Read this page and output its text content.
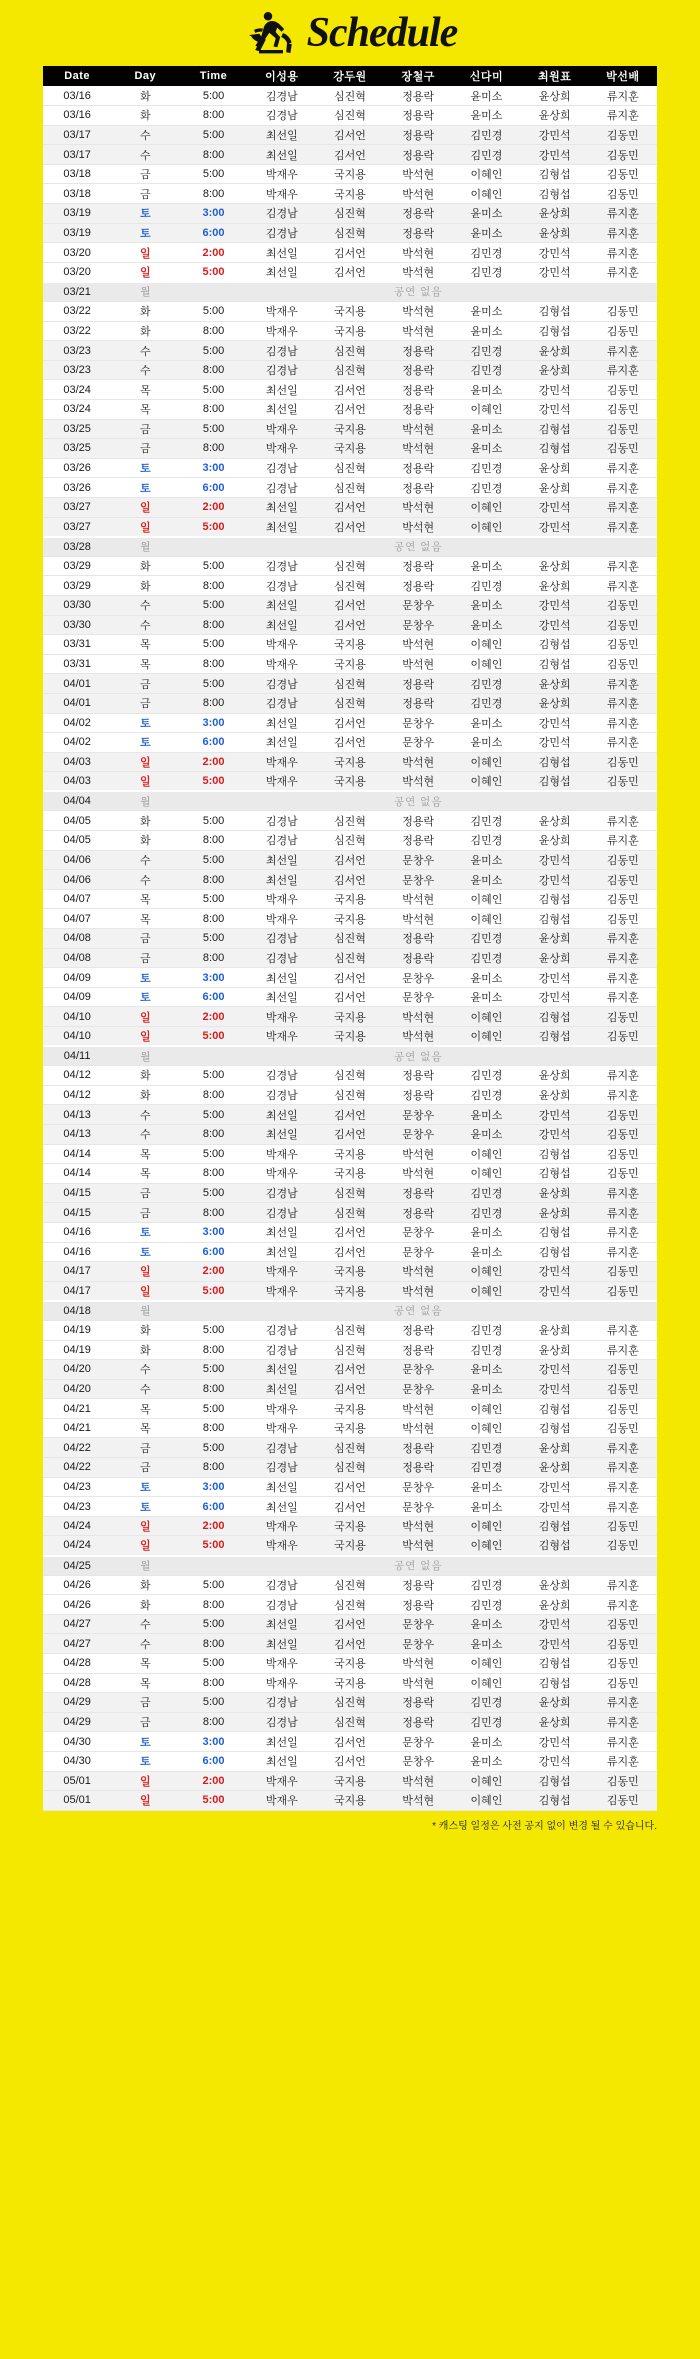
Schedule
Date	Day	Time	이성용	강두원	장철구	신다미	최원표	박선배
03/16	화	5:00	김경남	심진혁	정용락	윤미소	윤상희	류지훈
03/16	화	8:00	김경남	심진혁	정용락	윤미소	윤상희	류지훈
03/17	수	5:00	최선일	김서언	정용락	김민경	강민석	김동민
03/17	수	8:00	최선일	김서언	정용락	김민경	강민석	김동민
03/18	금	5:00	박재우	국지용	박석현	이혜인	김형섭	김동민
03/18	금	8:00	박재우	국지용	박석현	이혜인	김형섭	김동민
03/19	토	3:00	김경남	심진혁	정용락	윤미소	윤상희	류지훈
03/19	토	6:00	김경남	심진혁	정용락	윤미소	윤상희	류지훈
03/20	일	2:00	최선일	김서언	박석현	김민경	강민석	류지훈
03/20	일	5:00	최선일	김서언	박석현	김민경	강민석	류지훈
03/21	월	공연 없음						
03/22	화	5:00	박재우	국지용	박석현	윤미소	김형섭	김동민
03/22	화	8:00	박재우	국지용	박석현	윤미소	김형섭	김동민
03/23	수	5:00	김경남	심진혁	정용락	김민경	윤상희	류지훈
03/23	수	8:00	김경남	심진혁	정용락	김민경	윤상희	류지훈
03/24	목	5:00	최선일	김서언	정용락	윤미소	강민석	김동민
03/24	목	8:00	최선일	김서언	정용락	이혜인	강민석	김동민
03/25	금	5:00	박재우	국지용	박석현	윤미소	김형섭	김동민
03/25	금	8:00	박재우	국지용	박석현	윤미소	김형섭	김동민
03/26	토	3:00	김경남	심진혁	정용락	김민경	윤상희	류지훈
03/26	토	6:00	김경남	심진혁	정용락	김민경	윤상희	류지훈
03/27	일	2:00	최선일	김서언	박석현	이혜인	강민석	류지훈
03/27	일	5:00	최선일	김서언	박석현	이혜인	강민석	류지훈
03/28	월	공연 없음						
03/29	화	5:00	김경남	심진혁	정용락	윤미소	윤상희	류지훈
03/29	화	8:00	김경남	심진혁	정용락	김민경	윤상희	류지훈
03/30	수	5:00	최선일	김서언	문창우	윤미소	강민석	김동민
03/30	수	8:00	최선일	김서언	문창우	윤미소	강민석	김동민
03/31	목	5:00	박재우	국지용	박석현	이혜인	김형섭	김동민
03/31	목	8:00	박재우	국지용	박석현	이혜인	김형섭	김동민
04/01	금	5:00	김경남	심진혁	정용락	김민경	윤상희	류지훈
04/01	금	8:00	김경남	심진혁	정용락	김민경	윤상희	류지훈
04/02	토	3:00	최선일	김서언	문창우	윤미소	강민석	류지훈
04/02	토	6:00	최선일	김서언	문창우	윤미소	강민석	류지훈
04/03	일	2:00	박재우	국지용	박석현	이혜인	김형섭	김동민
04/03	일	5:00	박재우	국지용	박석현	이혜인	김형섭	김동민
04/04	월	공연 없음						
04/05	화	5:00	김경남	심진혁	정용락	김민경	윤상희	류지훈
04/05	화	8:00	김경남	심진혁	정용락	김민경	윤상희	류지훈
04/06	수	5:00	최선일	김서언	문창우	윤미소	강민석	김동민
04/06	수	8:00	최선일	김서언	문창우	윤미소	강민석	김동민
04/07	목	5:00	박재우	국지용	박석현	이혜인	김형섭	김동민
04/07	목	8:00	박재우	국지용	박석현	이혜인	김형섭	김동민
04/08	금	5:00	김경남	심진혁	정용락	김민경	윤상희	류지훈
04/08	금	8:00	김경남	심진혁	정용락	김민경	윤상희	류지훈
04/09	토	3:00	최선일	김서언	문창우	윤미소	강민석	류지훈
04/09	토	6:00	최선일	김서언	문창우	윤미소	강민석	류지훈
04/10	일	2:00	박재우	국지용	박석현	이혜인	김형섭	김동민
04/10	일	5:00	박재우	국지용	박석현	이혜인	김형섭	김동민
04/11	월	공연 없음						
04/12	화	5:00	김경남	심진혁	정용락	김민경	윤상희	류지훈
04/12	화	8:00	김경남	심진혁	정용락	김민경	윤상희	류지훈
04/13	수	5:00	최선일	김서언	문창우	윤미소	강민석	김동민
04/13	수	8:00	최선일	김서언	문창우	윤미소	강민석	김동민
04/14	목	5:00	박재우	국지용	박석현	이혜인	김형섭	김동민
04/14	목	8:00	박재우	국지용	박석현	이혜인	김형섭	김동민
04/15	금	5:00	김경남	심진혁	정용락	김민경	윤상희	류지훈
04/15	금	8:00	김경남	심진혁	정용락	김민경	윤상희	류지훈
04/16	토	3:00	최선일	김서언	문창우	윤미소	김형섭	류지훈
04/16	토	6:00	최선일	김서언	문창우	윤미소	김형섭	류지훈
04/17	일	2:00	박재우	국지용	박석현	이혜인	강민석	김동민
04/17	일	5:00	박재우	국지용	박석현	이혜인	강민석	김동민
04/18	월	공연 없음						
04/19	화	5:00	김경남	심진혁	정용락	김민경	윤상희	류지훈
04/19	화	8:00	김경남	심진혁	정용락	김민경	윤상희	류지훈
04/20	수	5:00	최선일	김서언	문창우	윤미소	강민석	김동민
04/20	수	8:00	최선일	김서언	문창우	윤미소	강민석	김동민
04/21	목	5:00	박재우	국지용	박석현	이혜인	김형섭	김동민
04/21	목	8:00	박재우	국지용	박석현	이혜인	김형섭	김동민
04/22	금	5:00	김경남	심진혁	정용락	김민경	윤상희	류지훈
04/22	금	8:00	김경남	심진혁	정용락	김민경	윤상희	류지훈
04/23	토	3:00	최선일	김서언	문창우	윤미소	강민석	류지훈
04/23	토	6:00	최선일	김서언	문창우	윤미소	강민석	류지훈
04/24	일	2:00	박재우	국지용	박석현	이혜인	김형섭	김동민
04/24	일	5:00	박재우	국지용	박석현	이혜인	김형섭	김동민
04/25	월	공연 없음						
04/26	화	5:00	김경남	심진혁	정용락	김민경	윤상희	류지훈
04/26	화	8:00	김경남	심진혁	정용락	김민경	윤상희	류지훈
04/27	수	5:00	최선일	김서언	문창우	윤미소	강민석	김동민
04/27	수	8:00	최선일	김서언	문창우	윤미소	강민석	김동민
04/28	목	5:00	박재우	국지용	박석현	이혜인	김형섭	김동민
04/28	목	8:00	박재우	국지용	박석현	이혜인	김형섭	김동민
04/29	금	5:00	김경남	심진혁	정용락	김민경	윤상희	류지훈
04/29	금	8:00	김경남	심진혁	정용락	김민경	윤상희	류지훈
04/30	토	3:00	최선일	김서언	문창우	윤미소	강민석	류지훈
04/30	토	6:00	최선일	김서언	문창우	윤미소	강민석	류지훈
05/01	일	2:00	박재우	국지용	박석현	이혜인	김형섭	김동민
05/01	일	5:00	박재우	국지용	박석현	이혜인	김형섭	김동민
* 캐스팅 일정은 사전 공지 없이 변경 될 수 있습니다.
